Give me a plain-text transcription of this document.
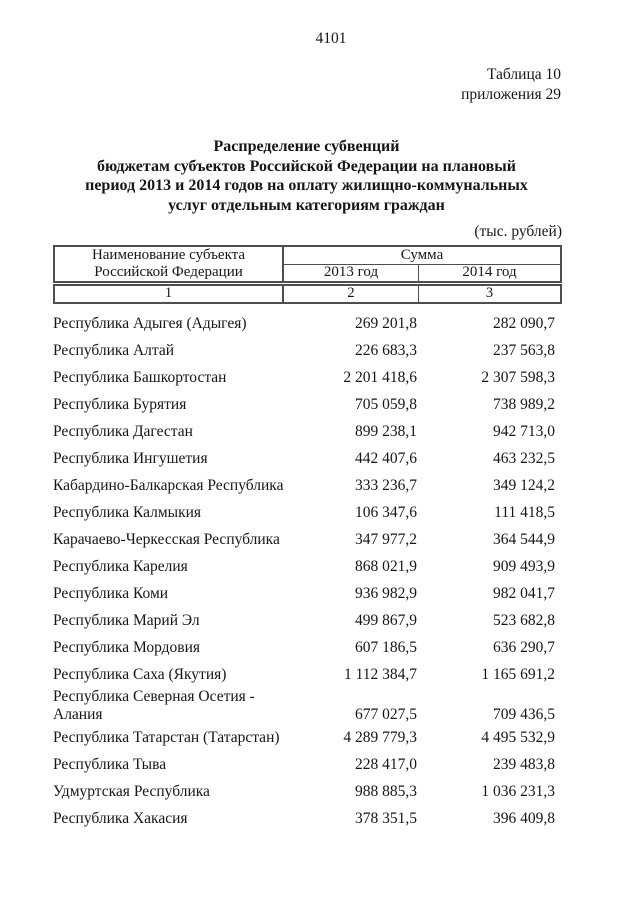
4101
Таблица 10
приложения 29
Распределение субвенций
бюджетам субъектов Российской Федерации на плановый
период 2013 и 2014 годов на оплату жилищно-коммунальных
услуг отдельным категориям граждан
(тыс. рублей)
Наименование субъекта
Российской Федерации
Сумма
2013 год	2014 год
1	2	3
Республика Адыгея (Адыгея)	269 201,8	282 090,7
Республика Алтай	226 683,3	237 563,8
Республика Башкортостан	2 201 418,6	2 307 598,3
Республика Бурятия	705 059,8	738 989,2
Республика Дагестан	899 238,1	942 713,0
Республика Ингушетия	442 407,6	463 232,5
Кабардино-Балкарская Республика	333 236,7	349 124,2
Республика Калмыкия	106 347,6	111 418,5
Карачаево-Черкесская Республика	347 977,2	364 544,9
Республика Карелия	868 021,9	909 493,9
Республика Коми	936 982,9	982 041,7
Республика Марий Эл	499 867,9	523 682,8
Республика Мордовия	607 186,5	636 290,7
Республика Саха (Якутия)	1 112 384,7	1 165 691,2
Республика Северная Осетия -
Алания	677 027,5	709 436,5
Республика Татарстан (Татарстан)	4 289 779,3	4 495 532,9
Республика Тыва	228 417,0	239 483,8
Удмуртская Республика	988 885,3	1 036 231,3
Республика Хакасия	378 351,5	396 409,8
